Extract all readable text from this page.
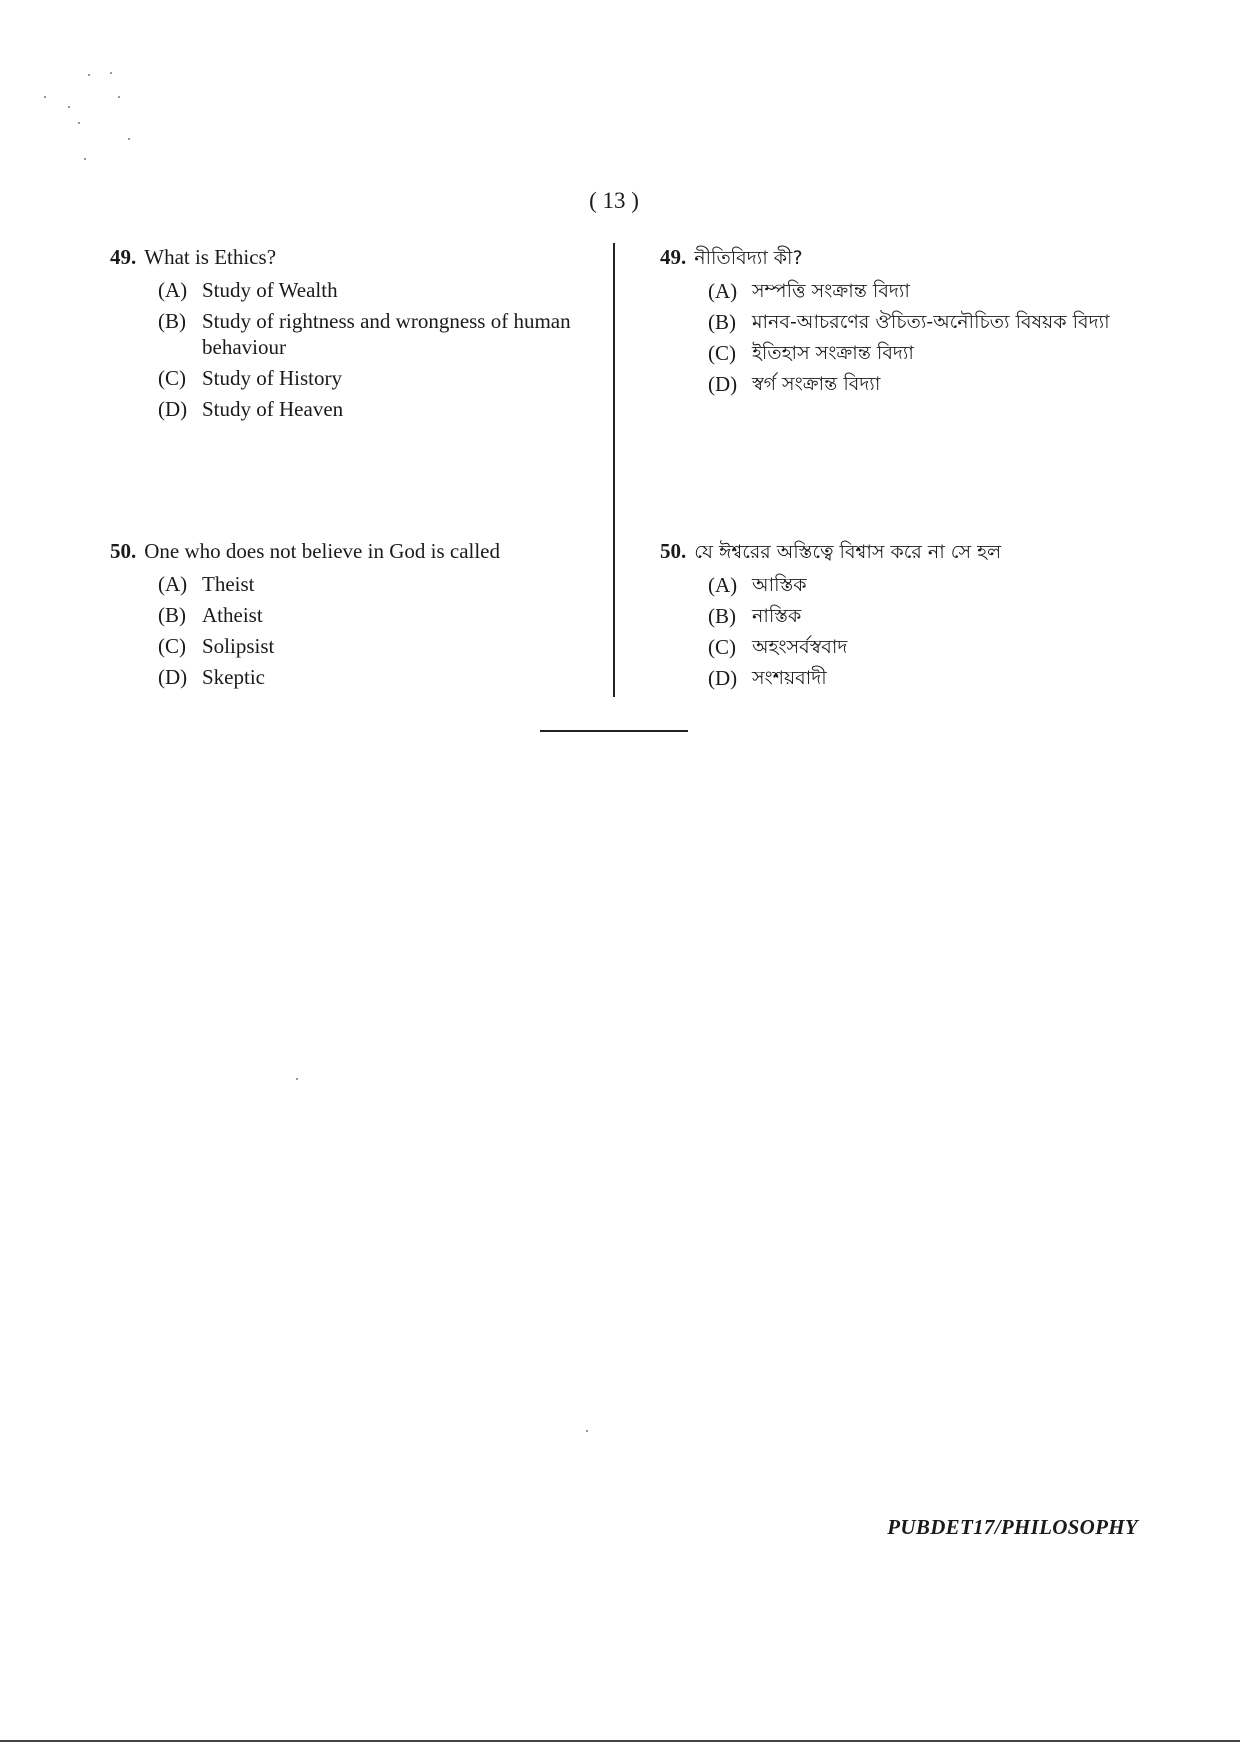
( 13 )
49. What is Ethics?
(A) Study of Wealth
(B) Study of rightness and wrongness of human behaviour
(C) Study of History
(D) Study of Heaven
50. One who does not believe in God is called
(A) Theist
(B) Atheist
(C) Solipsist
(D) Skeptic
49. নীতিবিদ্যা কী?
(A) সম্পত্তি সংক্রান্ত বিদ্যা
(B) মানব-আচরণের ঔচিত্য-অনৌচিত্য বিষয়ক বিদ্যা
(C) ইতিহাস সংক্রান্ত বিদ্যা
(D) স্বর্গ সংক্রান্ত বিদ্যা
50. যে ঈশ্বরের অস্তিত্বে বিশ্বাস করে না সে হল
(A) আস্তিক
(B) নাস্তিক
(C) অহংসর্বস্ববাদ
(D) সংশয়বাদী
PUBDET17/PHILOSOPHY
